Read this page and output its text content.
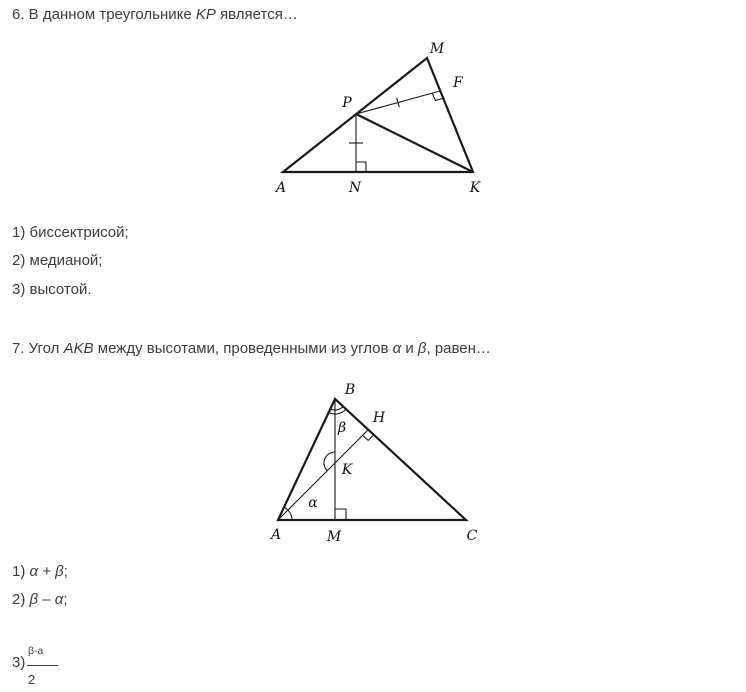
6. В данном треугольнике KP является…
M
F
P
A	N	K
1) биссектрисой;
2) медианой;
3) высотой.
7. Угол AKB между высотами, проведенными из углов α и β, равен…
B
H
β
K
α
A	M	C
1) α + β;
2) β – α;
3)
β-a
2
